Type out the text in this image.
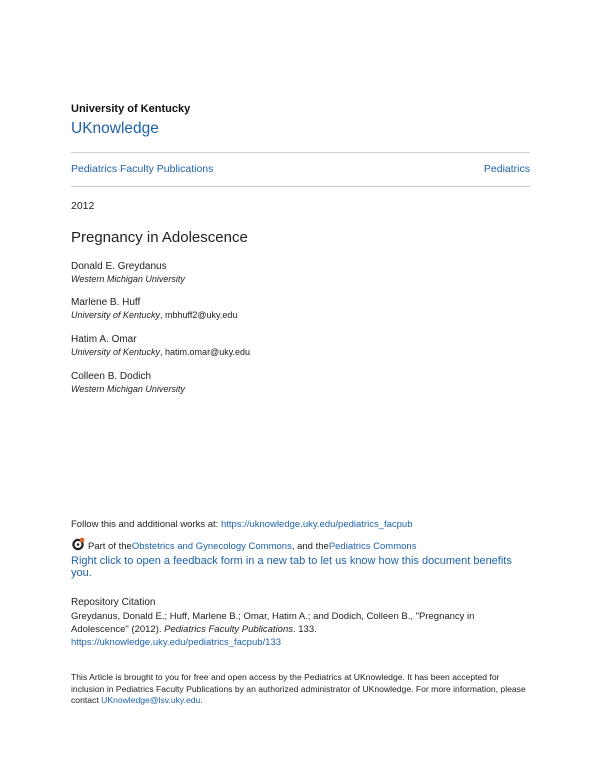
University of Kentucky
UKnowledge
Pediatrics Faculty Publications	Pediatrics
2012
Pregnancy in Adolescence
Donald E. Greydanus
Western Michigan University
Marlene B. Huff
University of Kentucky, mbhuff2@uky.edu
Hatim A. Omar
University of Kentucky, hatim.omar@uky.edu
Colleen B. Dodich
Western Michigan University
Follow this and additional works at: https://uknowledge.uky.edu/pediatrics_facpub
Part of the Obstetrics and Gynecology Commons , and the Pediatrics Commons
Right click to open a feedback form in a new tab to let us know how this document benefits you.
Repository Citation
Greydanus, Donald E.; Huff, Marlene B.; Omar, Hatim A.; and Dodich, Colleen B., "Pregnancy in Adolescence" (2012). Pediatrics Faculty Publications. 133.
https://uknowledge.uky.edu/pediatrics_facpub/133
This Article is brought to you for free and open access by the Pediatrics at UKnowledge. It has been accepted for inclusion in Pediatrics Faculty Publications by an authorized administrator of UKnowledge. For more information, please contact UKnowledge@lsv.uky.edu.
